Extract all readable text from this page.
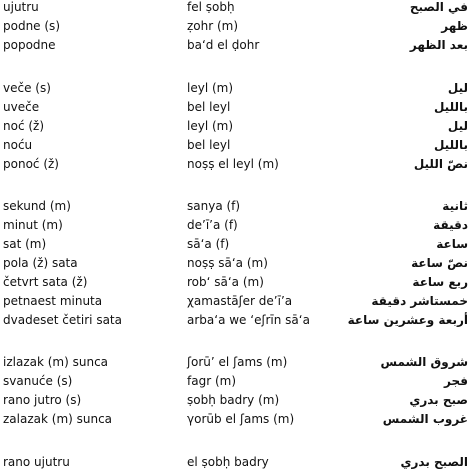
ujutru	fel ṣobḥ	في الصبح
podne (s)	ẓohr (m)	ظهر
popodne	ba‘d el ḍohr	بعد الظهر
veče (s)	leyl (m)	ليل
uveče	bel leyl	بالليل
noć (ž)	leyl (m)	ليل
noću	bel leyl	بالليل
ponoć (ž)	noṣṣ el leyl (m)	نصّ الليل
sekund (m)	sanya (f)	ثانية
minut (m)	de’ī’a (f)	دقيقة
sat (m)	sā‘a (f)	ساعة
pola (ž) sata	noṣṣ sā‘a (m)	نصّ ساعة
četvrt sata (ž)	rob‘ sā‘a (m)	ربع ساعة
petnaest minuta	χamastāʃer de’ī’a	خمستاشر دقيقة
dvadeset četiri sata	arba‘a we ‘eʃrīn sā‘a	أربعة وعشرين ساعة
izlazak (m) sunca	ʃorū’ el ʃams (m)	شروق الشمس
svanuće (s)	fagr (m)	فجر
rano jutro (s)	ṣobḥ badry (m)	صبح بدري
zalazak (m) sunca	γorūb el ʃams (m)	غروب الشمس
rano ujutru	el ṣobḥ badry	الصبح بدري
